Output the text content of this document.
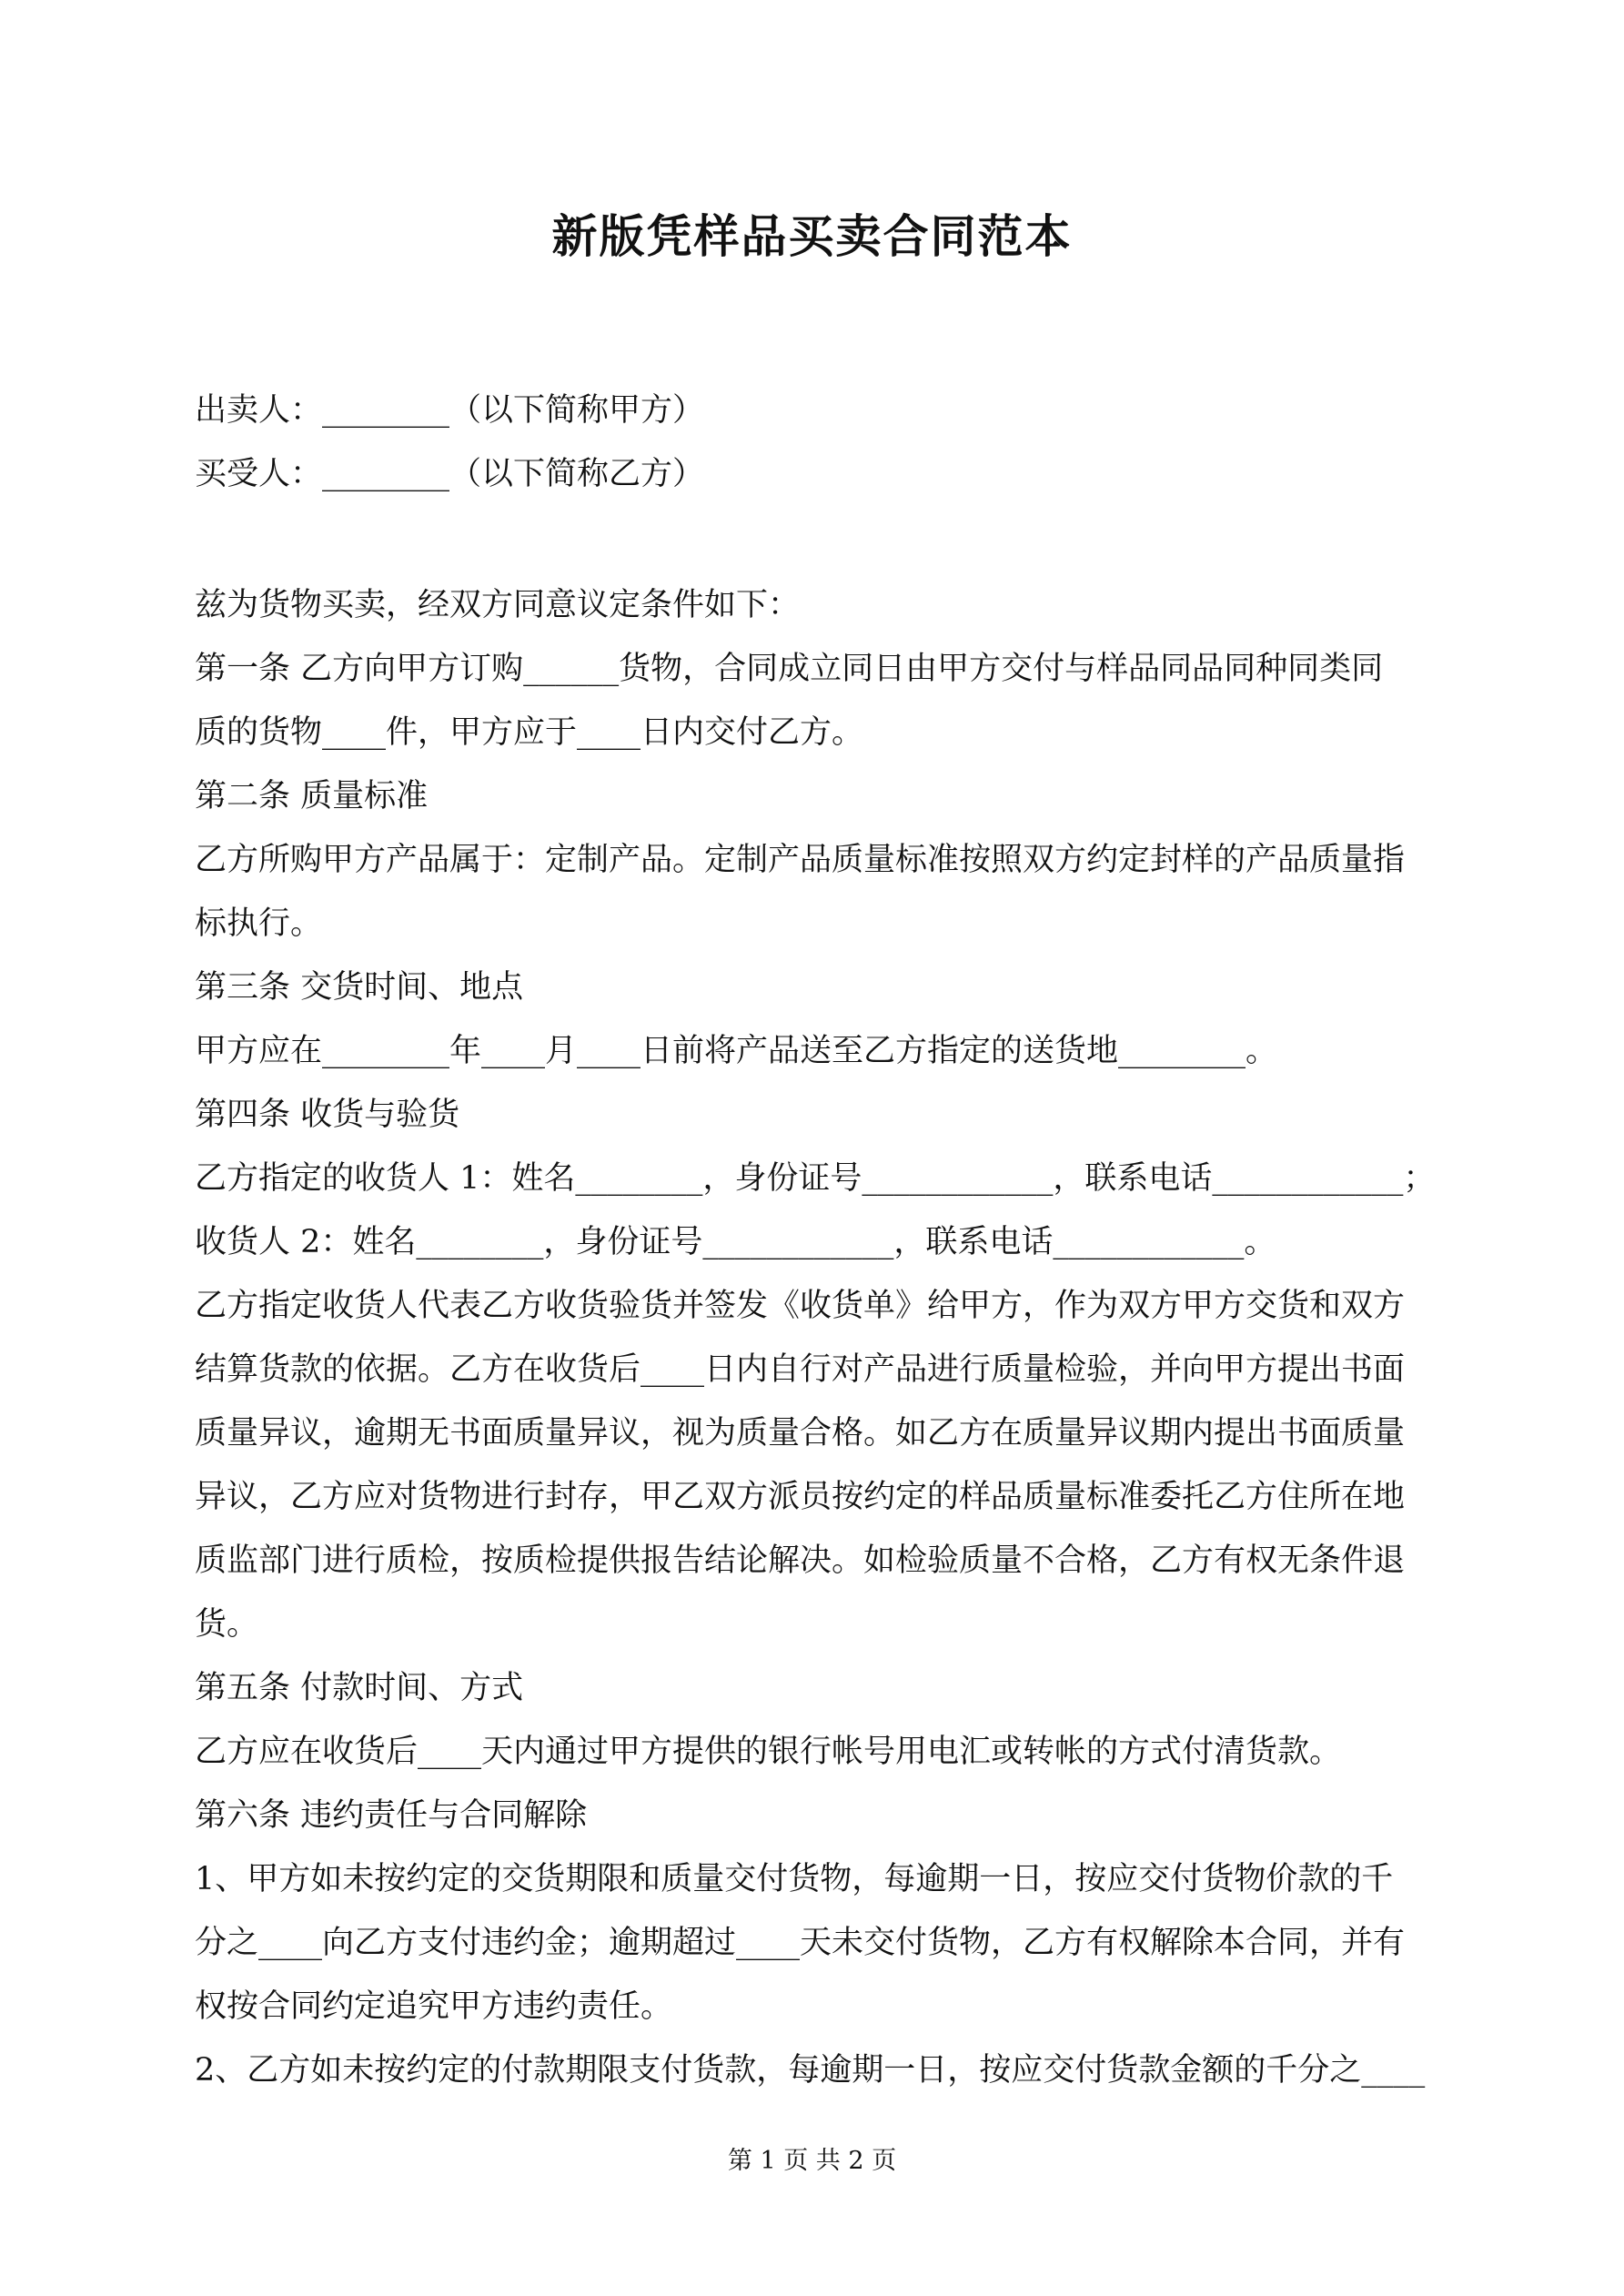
新版凭样品买卖合同范本
出卖人：________（以下简称甲方）
买受人：________（以下简称乙方）
兹为货物买卖，经双方同意议定条件如下：
第一条 乙方向甲方订购______货物，合同成立同日由甲方交付与样品同品同种同类同
质的货物____件，甲方应于____日内交付乙方。
第二条 质量标准
乙方所购甲方产品属于：定制产品。定制产品质量标准按照双方约定封样的产品质量指
标执行。
第三条 交货时间、地点
甲方应在________年____月____日前将产品送至乙方指定的送货地________。
第四条 收货与验货
乙方指定的收货人 1：姓名________，身份证号____________，联系电话____________；
收货人 2：姓名________，身份证号____________，联系电话____________。
乙方指定收货人代表乙方收货验货并签发《收货单》给甲方，作为双方甲方交货和双方
结算货款的依据。乙方在收货后____日内自行对产品进行质量检验，并向甲方提出书面
质量异议，逾期无书面质量异议，视为质量合格。如乙方在质量异议期内提出书面质量
异议，乙方应对货物进行封存，甲乙双方派员按约定的样品质量标准委托乙方住所在地
质监部门进行质检，按质检提供报告结论解决。如检验质量不合格，乙方有权无条件退
货。
第五条 付款时间、方式
乙方应在收货后____天内通过甲方提供的银行帐号用电汇或转帐的方式付清货款。
第六条 违约责任与合同解除
1、甲方如未按约定的交货期限和质量交付货物，每逾期一日，按应交付货物价款的千
分之____向乙方支付违约金；逾期超过____天未交付货物，乙方有权解除本合同，并有
权按合同约定追究甲方违约责任。
2、乙方如未按约定的付款期限支付货款，每逾期一日，按应交付货款金额的千分之____
第 1 页 共 2 页
